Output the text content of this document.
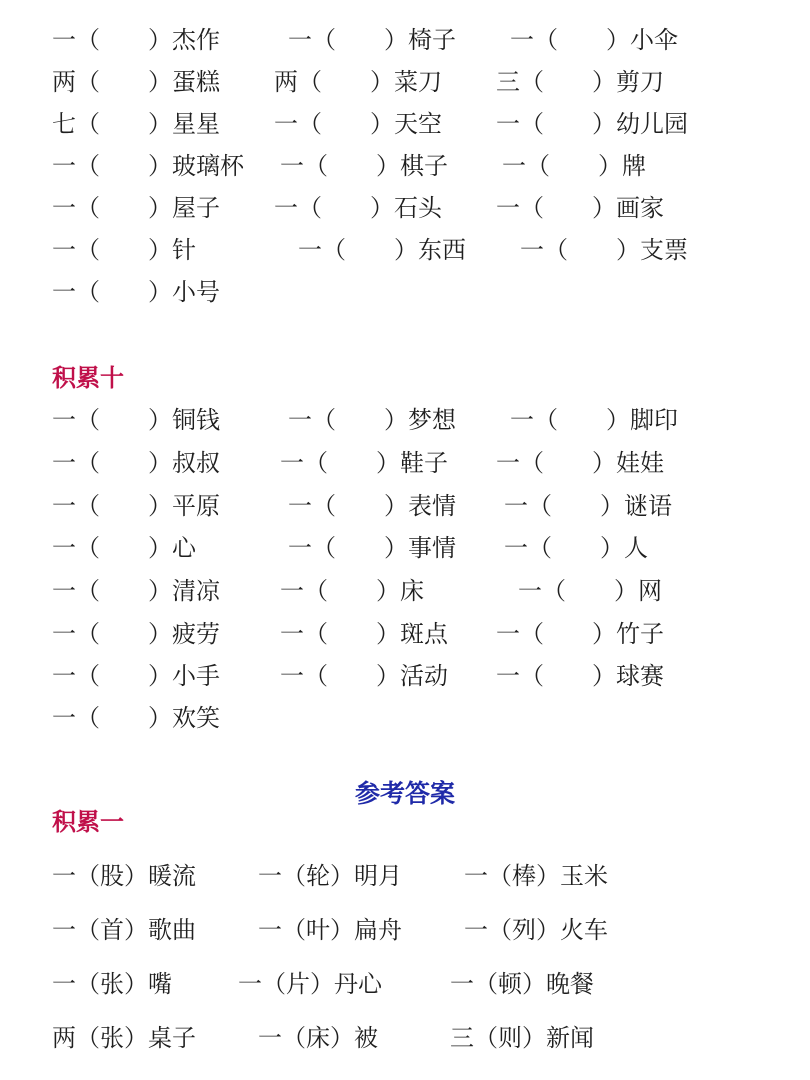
一（　　）杰作	一（　　）椅子 一（　　）小伞
两（　　）蛋糕 两（　　）菜刀 三（　　）剪刀
七（　　）星星 一（　　）天空 一（　　）幼儿园
一（　　）玻璃杯 一（　　）棋子 一（　　）牌
一（　　）屋子 一（　　）石头 一（　　）画家
一（　　）针	一（　　）东西 一（　　）支票
一（　　）小号
积累十
一（　　）铜钱	一（　　）梦想 一（　　）脚印
一（　　）叔叔	一（　　）鞋子 一（　　）娃娃
一（　　）平原	一（　　）表情 一（　　）谜语
一（　　）心	一（　　）事情 一（　　）人
一（　　）清凉	一（　　）床	一（　　）网
一（　　）疲劳	一（　　）斑点 一（　　）竹子
一（　　）小手	一（　　）活动 一（　　）球赛
一（　　）欢笑
参考答案
积累一
一（股）暖流	一（轮）明月	一（棒）玉米
一（首）歌曲	一（叶）扁舟	一（列）火车
一（张）嘴	一（片）丹心	一（顿）晚餐
两（张）桌子	一（床）被	三（则）新闻
